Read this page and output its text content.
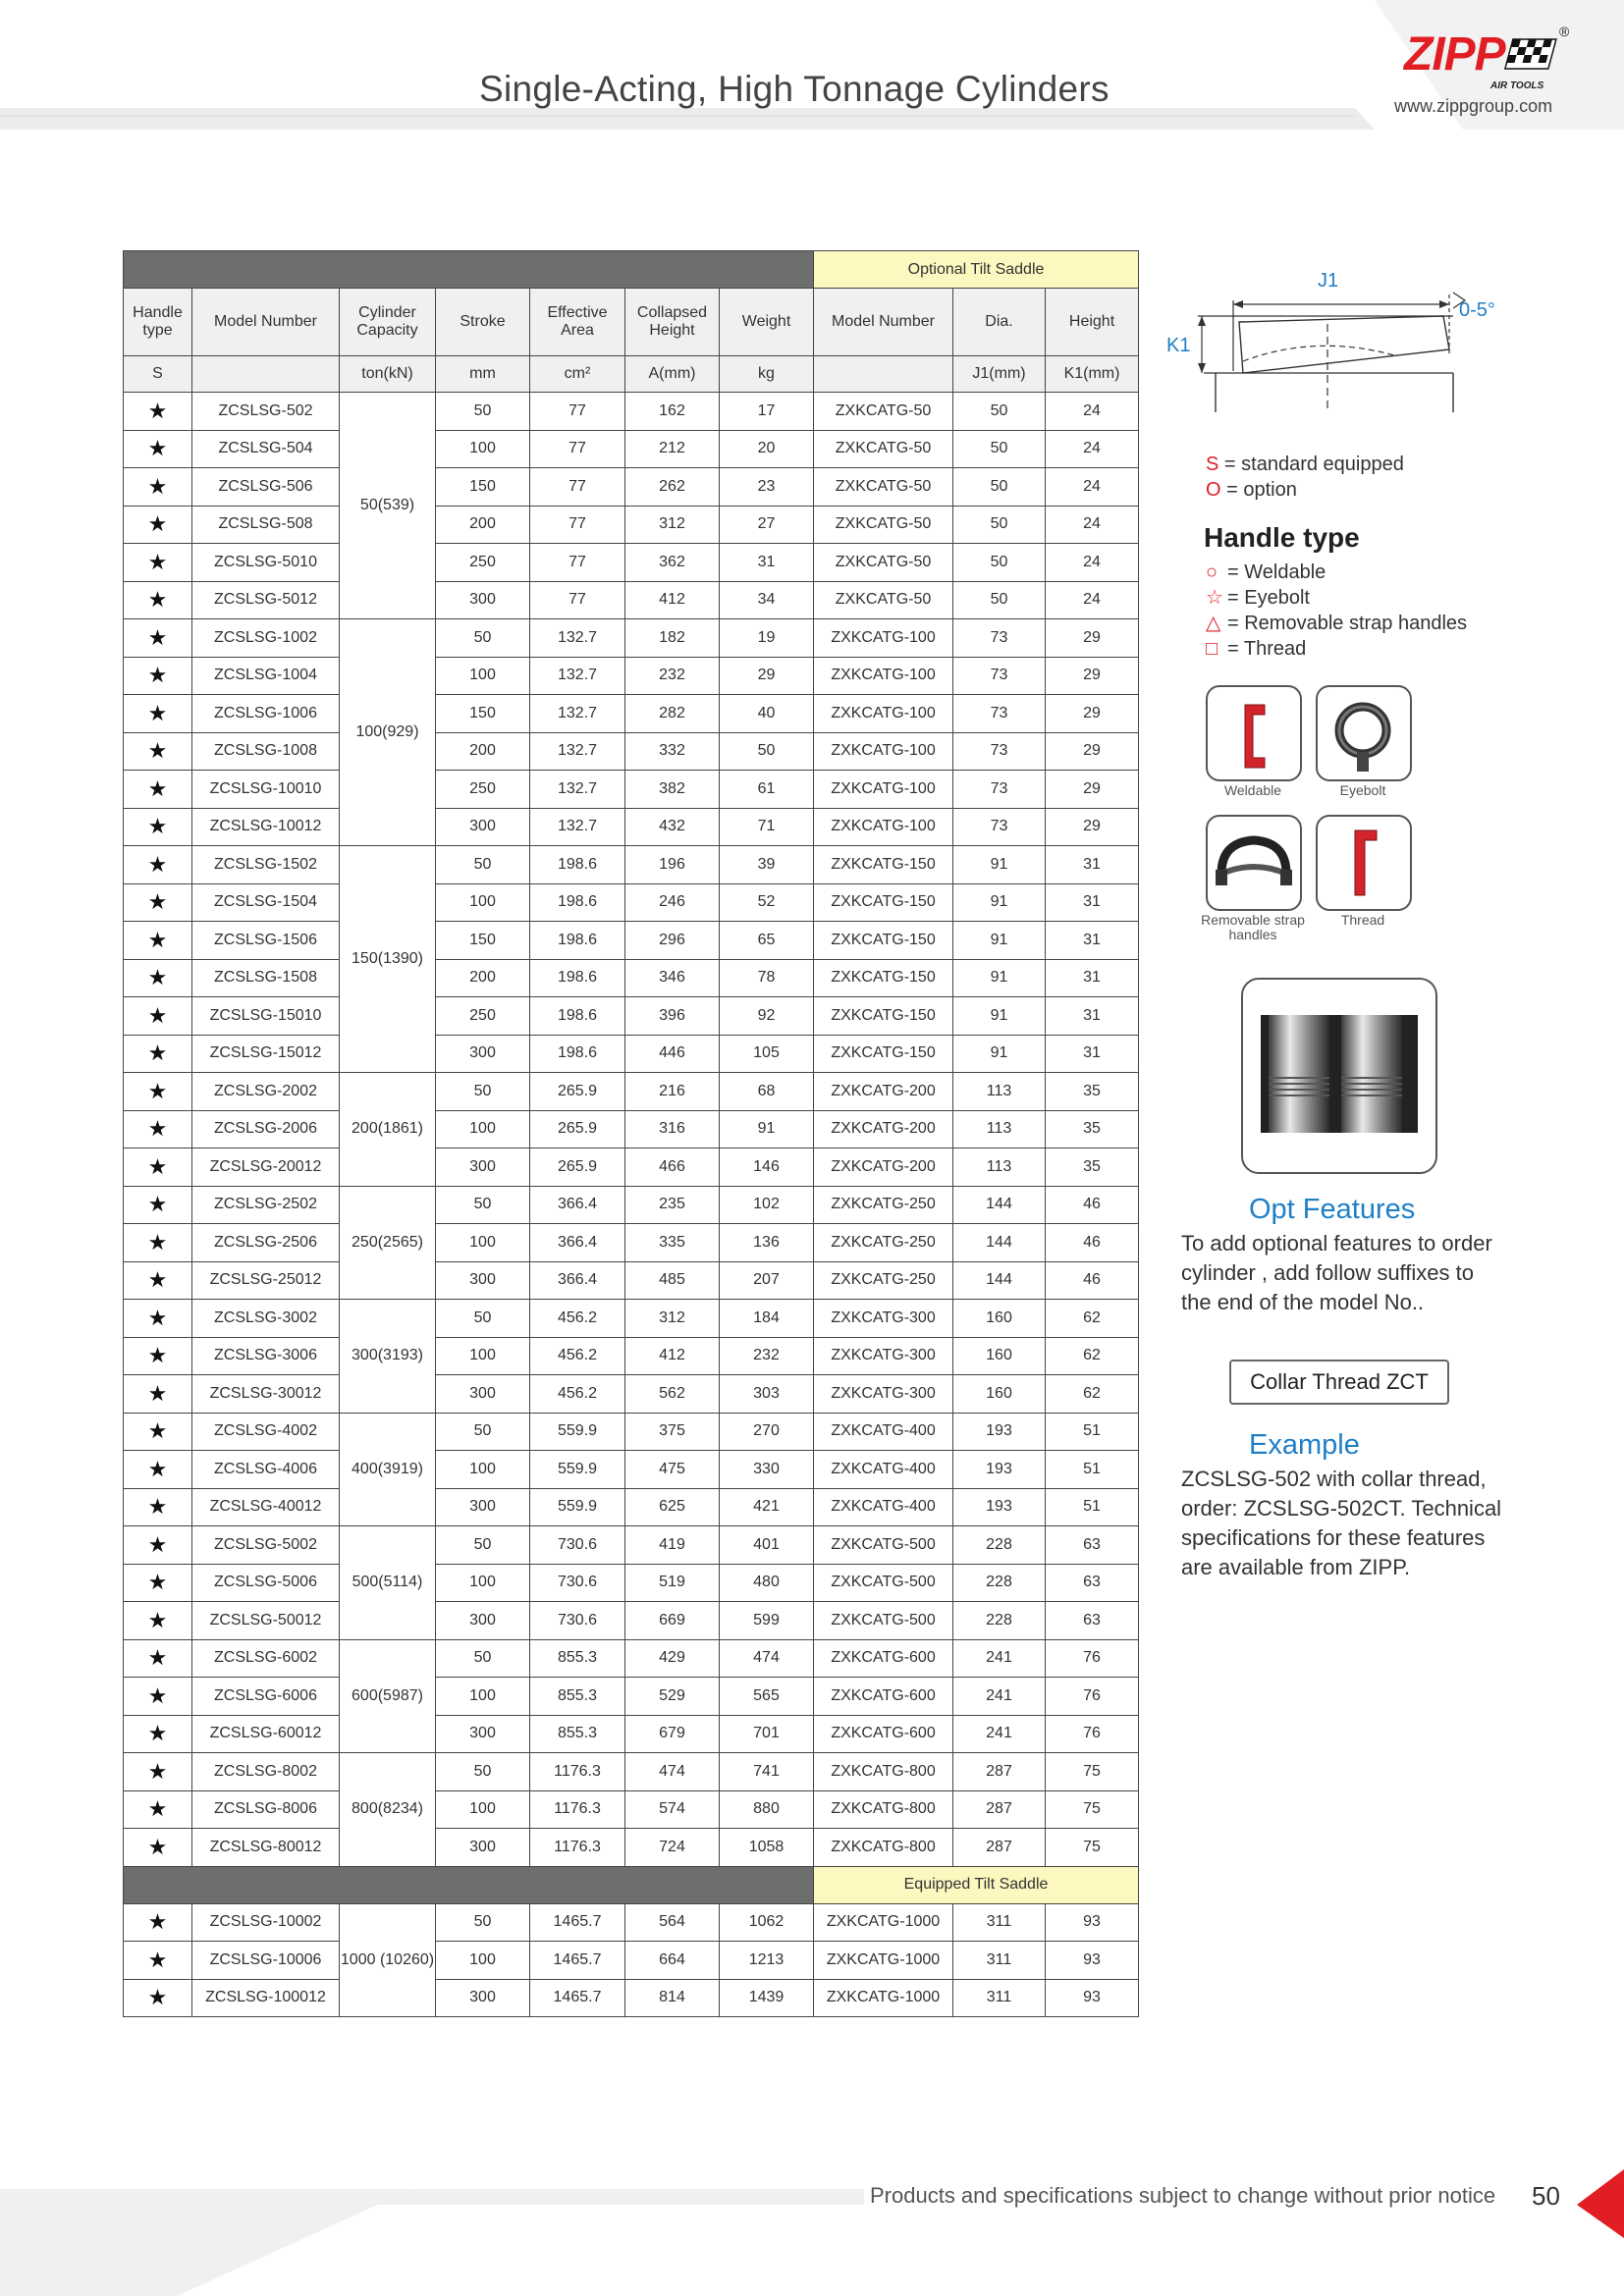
Single-Acting, High Tonnage Cylinders
ZIPP	®
AIR TOOLS
www.zippgroup.com
							Optional Tilt Saddle		
Handle type	Model Number	Cylinder Capacity	Stroke	Effective Area	Collapsed Height	Weight	Model Number	Dia.	Height
S		ton(kN)	mm	cm²	A(mm)	kg		J1(mm)	K1(mm)
★	ZCSLSG-502	50(539)	50	77	162	17	ZXKCATG-50	50	24
★	ZCSLSG-504		100	77	212	20	ZXKCATG-50	50	24
★	ZCSLSG-506		150	77	262	23	ZXKCATG-50	50	24
★	ZCSLSG-508		200	77	312	27	ZXKCATG-50	50	24
★	ZCSLSG-5010		250	77	362	31	ZXKCATG-50	50	24
★	ZCSLSG-5012		300	77	412	34	ZXKCATG-50	50	24
★	ZCSLSG-1002	100(929)	50	132.7	182	19	ZXKCATG-100	73	29
★	ZCSLSG-1004		100	132.7	232	29	ZXKCATG-100	73	29
★	ZCSLSG-1006		150	132.7	282	40	ZXKCATG-100	73	29
★	ZCSLSG-1008		200	132.7	332	50	ZXKCATG-100	73	29
★	ZCSLSG-10010		250	132.7	382	61	ZXKCATG-100	73	29
★	ZCSLSG-10012		300	132.7	432	71	ZXKCATG-100	73	29
★	ZCSLSG-1502	150(1390)	50	198.6	196	39	ZXKCATG-150	91	31
★	ZCSLSG-1504		100	198.6	246	52	ZXKCATG-150	91	31
★	ZCSLSG-1506		150	198.6	296	65	ZXKCATG-150	91	31
★	ZCSLSG-1508		200	198.6	346	78	ZXKCATG-150	91	31
★	ZCSLSG-15010		250	198.6	396	92	ZXKCATG-150	91	31
★	ZCSLSG-15012		300	198.6	446	105	ZXKCATG-150	91	31
★	ZCSLSG-2002	200(1861)	50	265.9	216	68	ZXKCATG-200	113	35
★	ZCSLSG-2006		100	265.9	316	91	ZXKCATG-200	113	35
★	ZCSLSG-20012		300	265.9	466	146	ZXKCATG-200	113	35
★	ZCSLSG-2502	250(2565)	50	366.4	235	102	ZXKCATG-250	144	46
★	ZCSLSG-2506		100	366.4	335	136	ZXKCATG-250	144	46
★	ZCSLSG-25012		300	366.4	485	207	ZXKCATG-250	144	46
★	ZCSLSG-3002	300(3193)	50	456.2	312	184	ZXKCATG-300	160	62
★	ZCSLSG-3006		100	456.2	412	232	ZXKCATG-300	160	62
★	ZCSLSG-30012		300	456.2	562	303	ZXKCATG-300	160	62
★	ZCSLSG-4002	400(3919)	50	559.9	375	270	ZXKCATG-400	193	51
★	ZCSLSG-4006		100	559.9	475	330	ZXKCATG-400	193	51
★	ZCSLSG-40012		300	559.9	625	421	ZXKCATG-400	193	51
★	ZCSLSG-5002	500(5114)	50	730.6	419	401	ZXKCATG-500	228	63
★	ZCSLSG-5006		100	730.6	519	480	ZXKCATG-500	228	63
★	ZCSLSG-50012		300	730.6	669	599	ZXKCATG-500	228	63
★	ZCSLSG-6002	600(5987)	50	855.3	429	474	ZXKCATG-600	241	76
★	ZCSLSG-6006		100	855.3	529	565	ZXKCATG-600	241	76
★	ZCSLSG-60012		300	855.3	679	701	ZXKCATG-600	241	76
★	ZCSLSG-8002	800(8234)	50	1176.3	474	741	ZXKCATG-800	287	75
★	ZCSLSG-8006		100	1176.3	574	880	ZXKCATG-800	287	75
★	ZCSLSG-80012		300	1176.3	724	1058	ZXKCATG-800	287	75
							Equipped Tilt Saddle		
★	ZCSLSG-10002	1000 (10260)	50	1465.7	564	1062	ZXKCATG-1000	311	93
★	ZCSLSG-10006		100	1465.7	664	1213	ZXKCATG-1000	311	93
★	ZCSLSG-100012		300	1465.7	814	1439	ZXKCATG-1000	311	93
J1
K1
0-5°
S = standard equipped
O = option
Handle type
○ = Weldable
☆ = Eyebolt
△ = Removable strap handles
□ = Thread
Weldable	Eyebolt
Removable strap handles
Thread
Opt Features
To add optional features to order cylinder , add follow suffixes to the end of the model No..
Collar Thread ZCT
Example
ZCSLSG-502 with collar thread, order: ZCSLSG-502CT. Technical specifications for these features are available from ZIPP.
Products and specifications subject to change without prior notice 50
